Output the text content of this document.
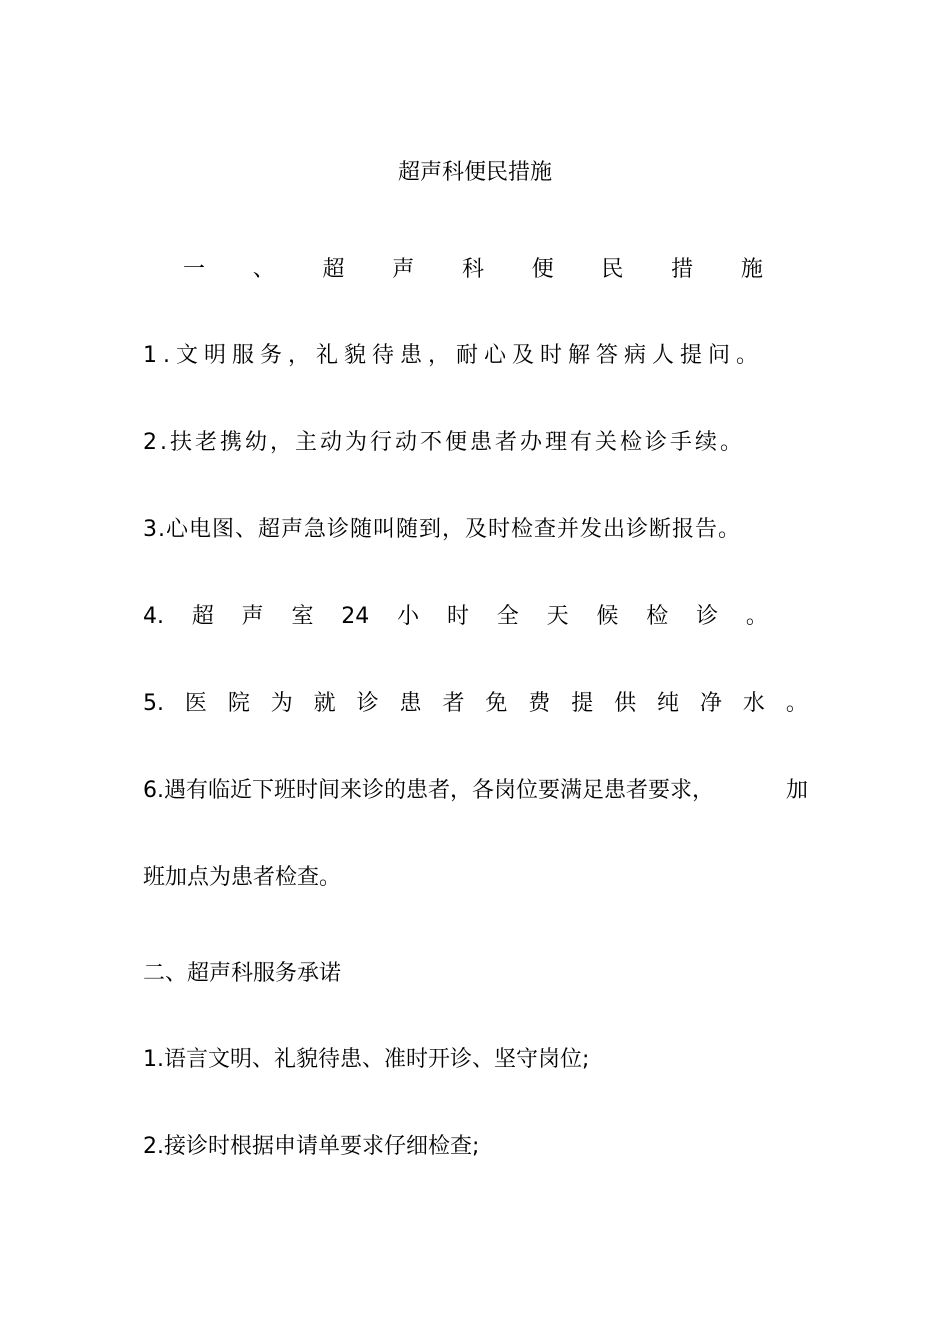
超声科便民措施
一 、 超 声 科 便 民 措 施
1.文明服务，礼貌待患，耐心及时解答病人提问。
2.扶老携幼，主动为行动不便患者办理有关检诊手续。
3.心电图、超声急诊随叫随到，及时检查并发出诊断报告。
4. 超 声 室 24 小 时 全 天 候 检 诊 。
5. 医 院 为 就 诊 患 者 免 费 提 供 纯 净 水 。
6.遇有临近下班时间来诊的患者，各岗位要满足患者要求，	加
班加点为患者检查。
二、超声科服务承诺
1.语言文明、礼貌待患、准时开诊、坚守岗位;
2.接诊时根据申请单要求仔细检查;
